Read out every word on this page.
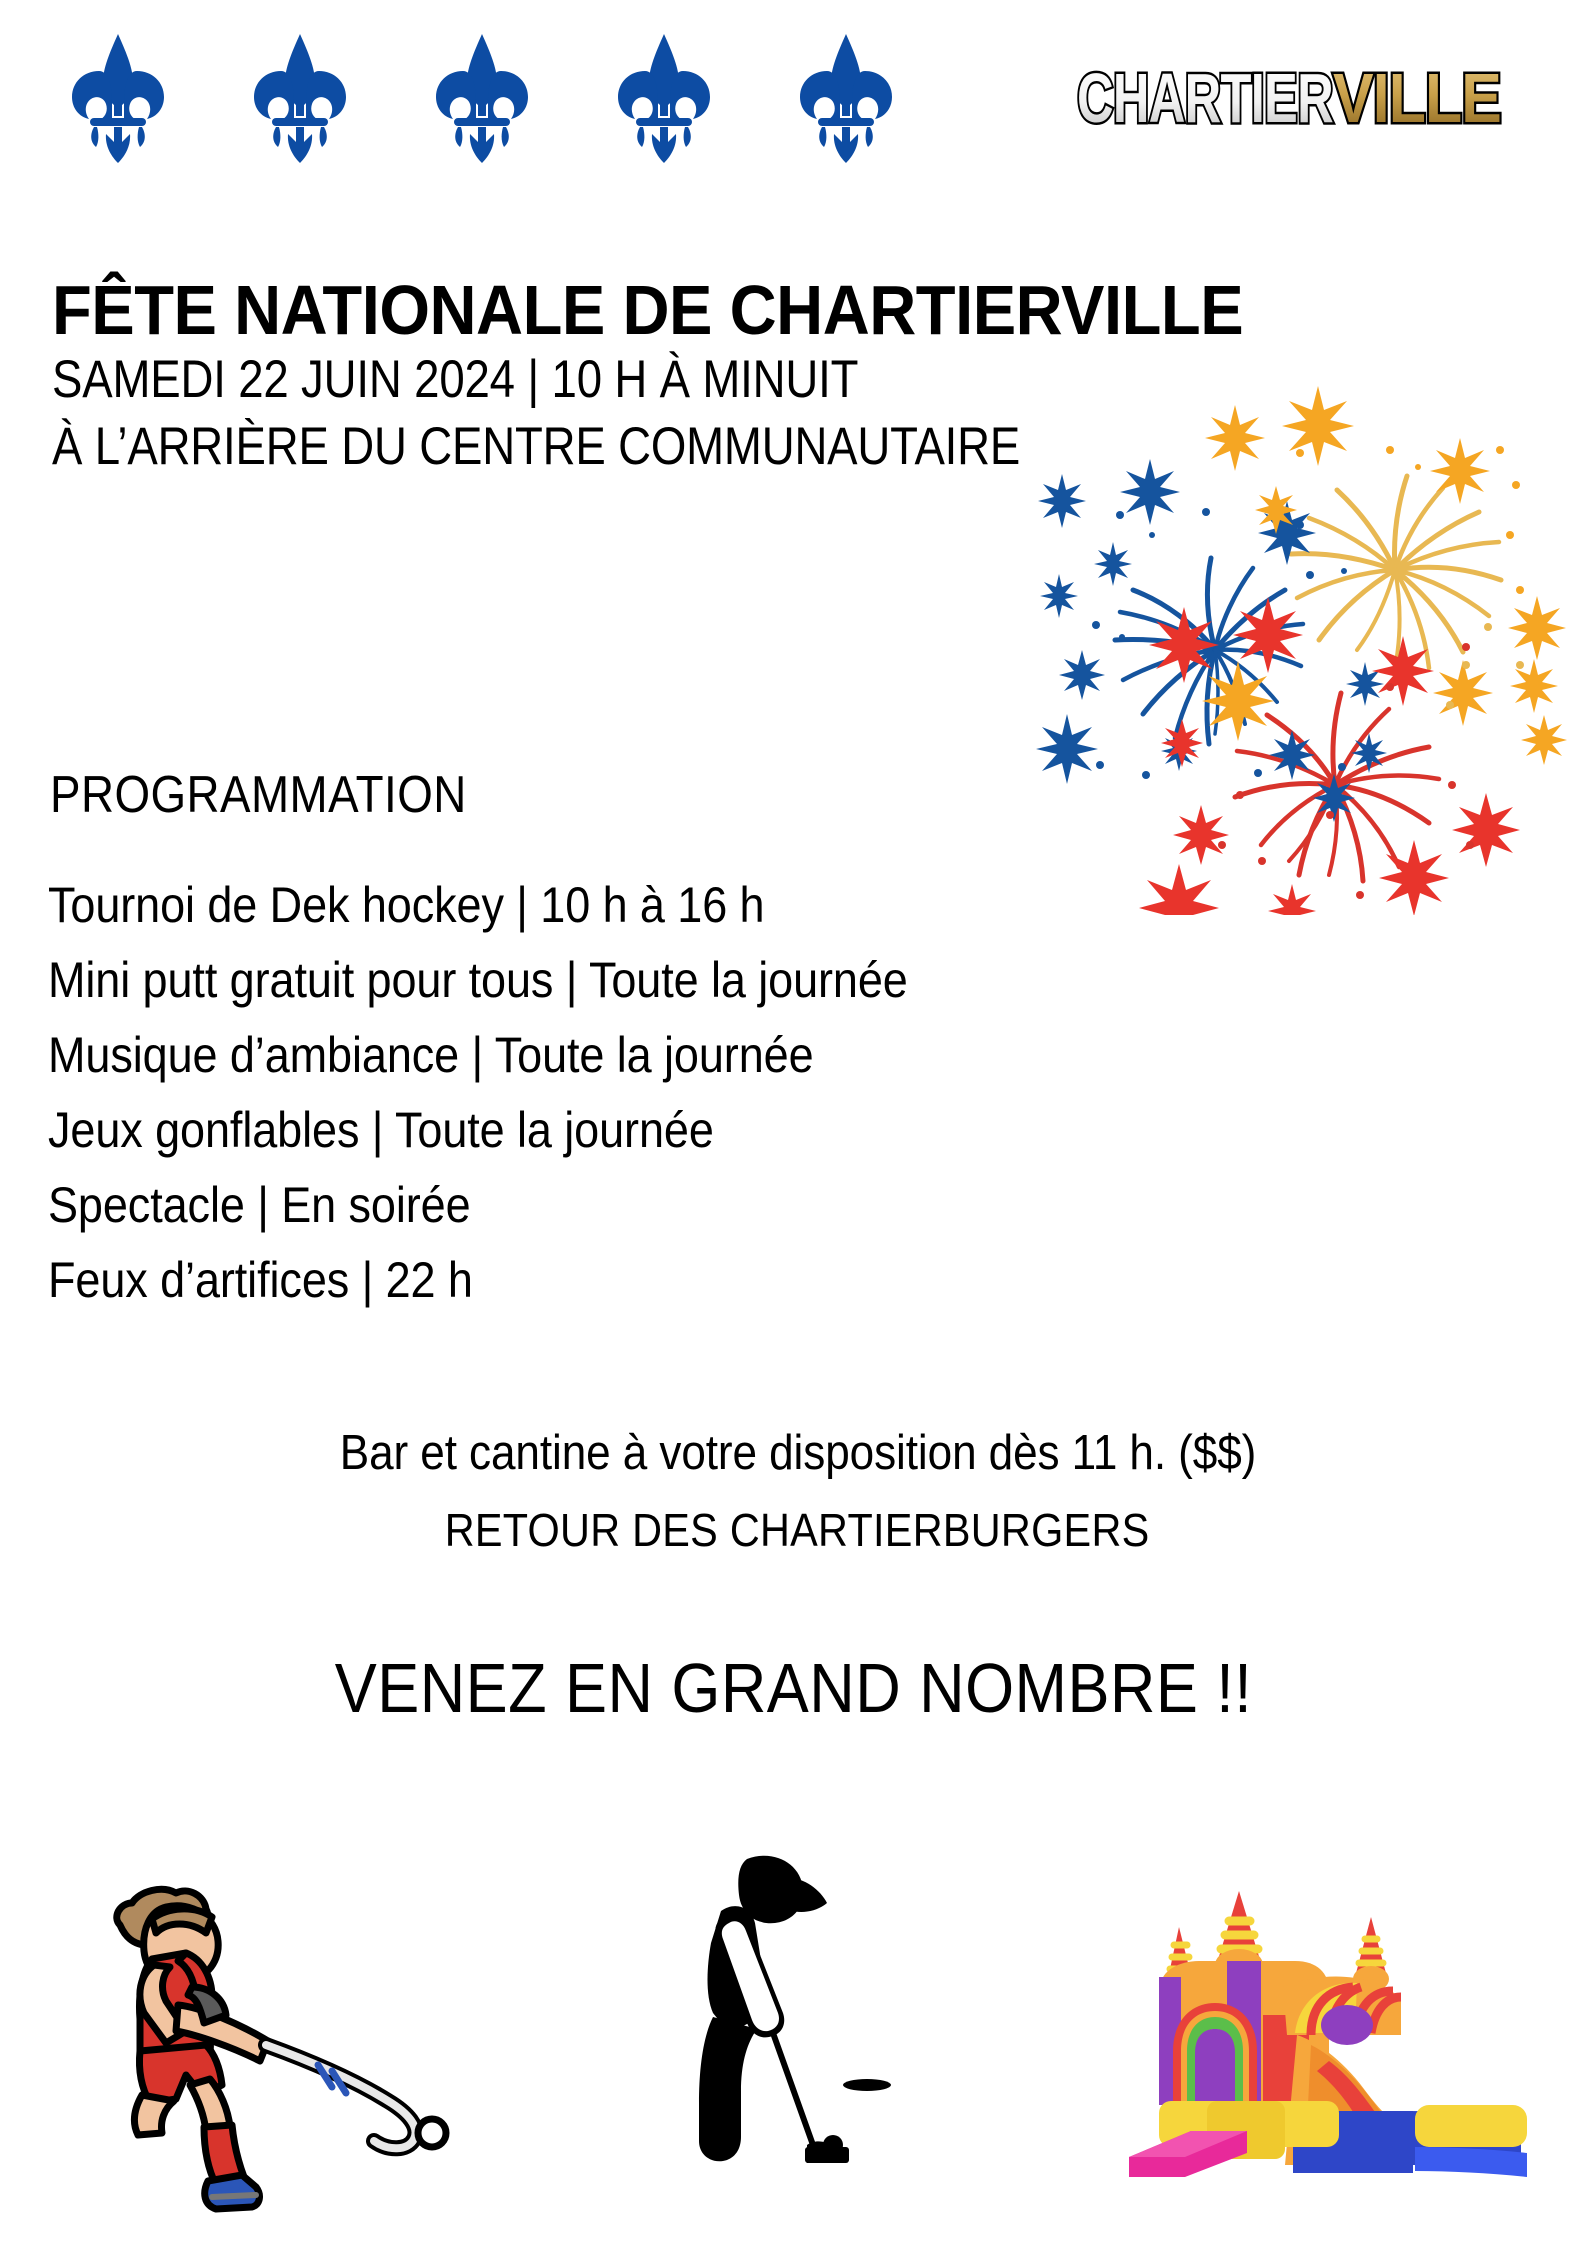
CHARTIER VILLE
FÊTE NATIONALE DE CHARTIERVILLE

SAMEDI 22 JUIN 2024 | 10 H À MINUIT

À L’ARRIÈRE DU CENTRE COMMUNAUTAIRE

PROGRAMMATION
Tournoi de Dek hockey | 10 h à 16 h
Mini putt gratuit pour tous | Toute la journée
Musique d’ambiance | Toute la journée
Jeux gonflables | Toute la journée
Spectacle | En soirée
Feux d’artifices | 22 h

Bar et cantine à votre disposition dès 11 h. ($$)

RETOUR DES CHARTIERBURGERS

VENEZ EN GRAND NOMBRE !!
